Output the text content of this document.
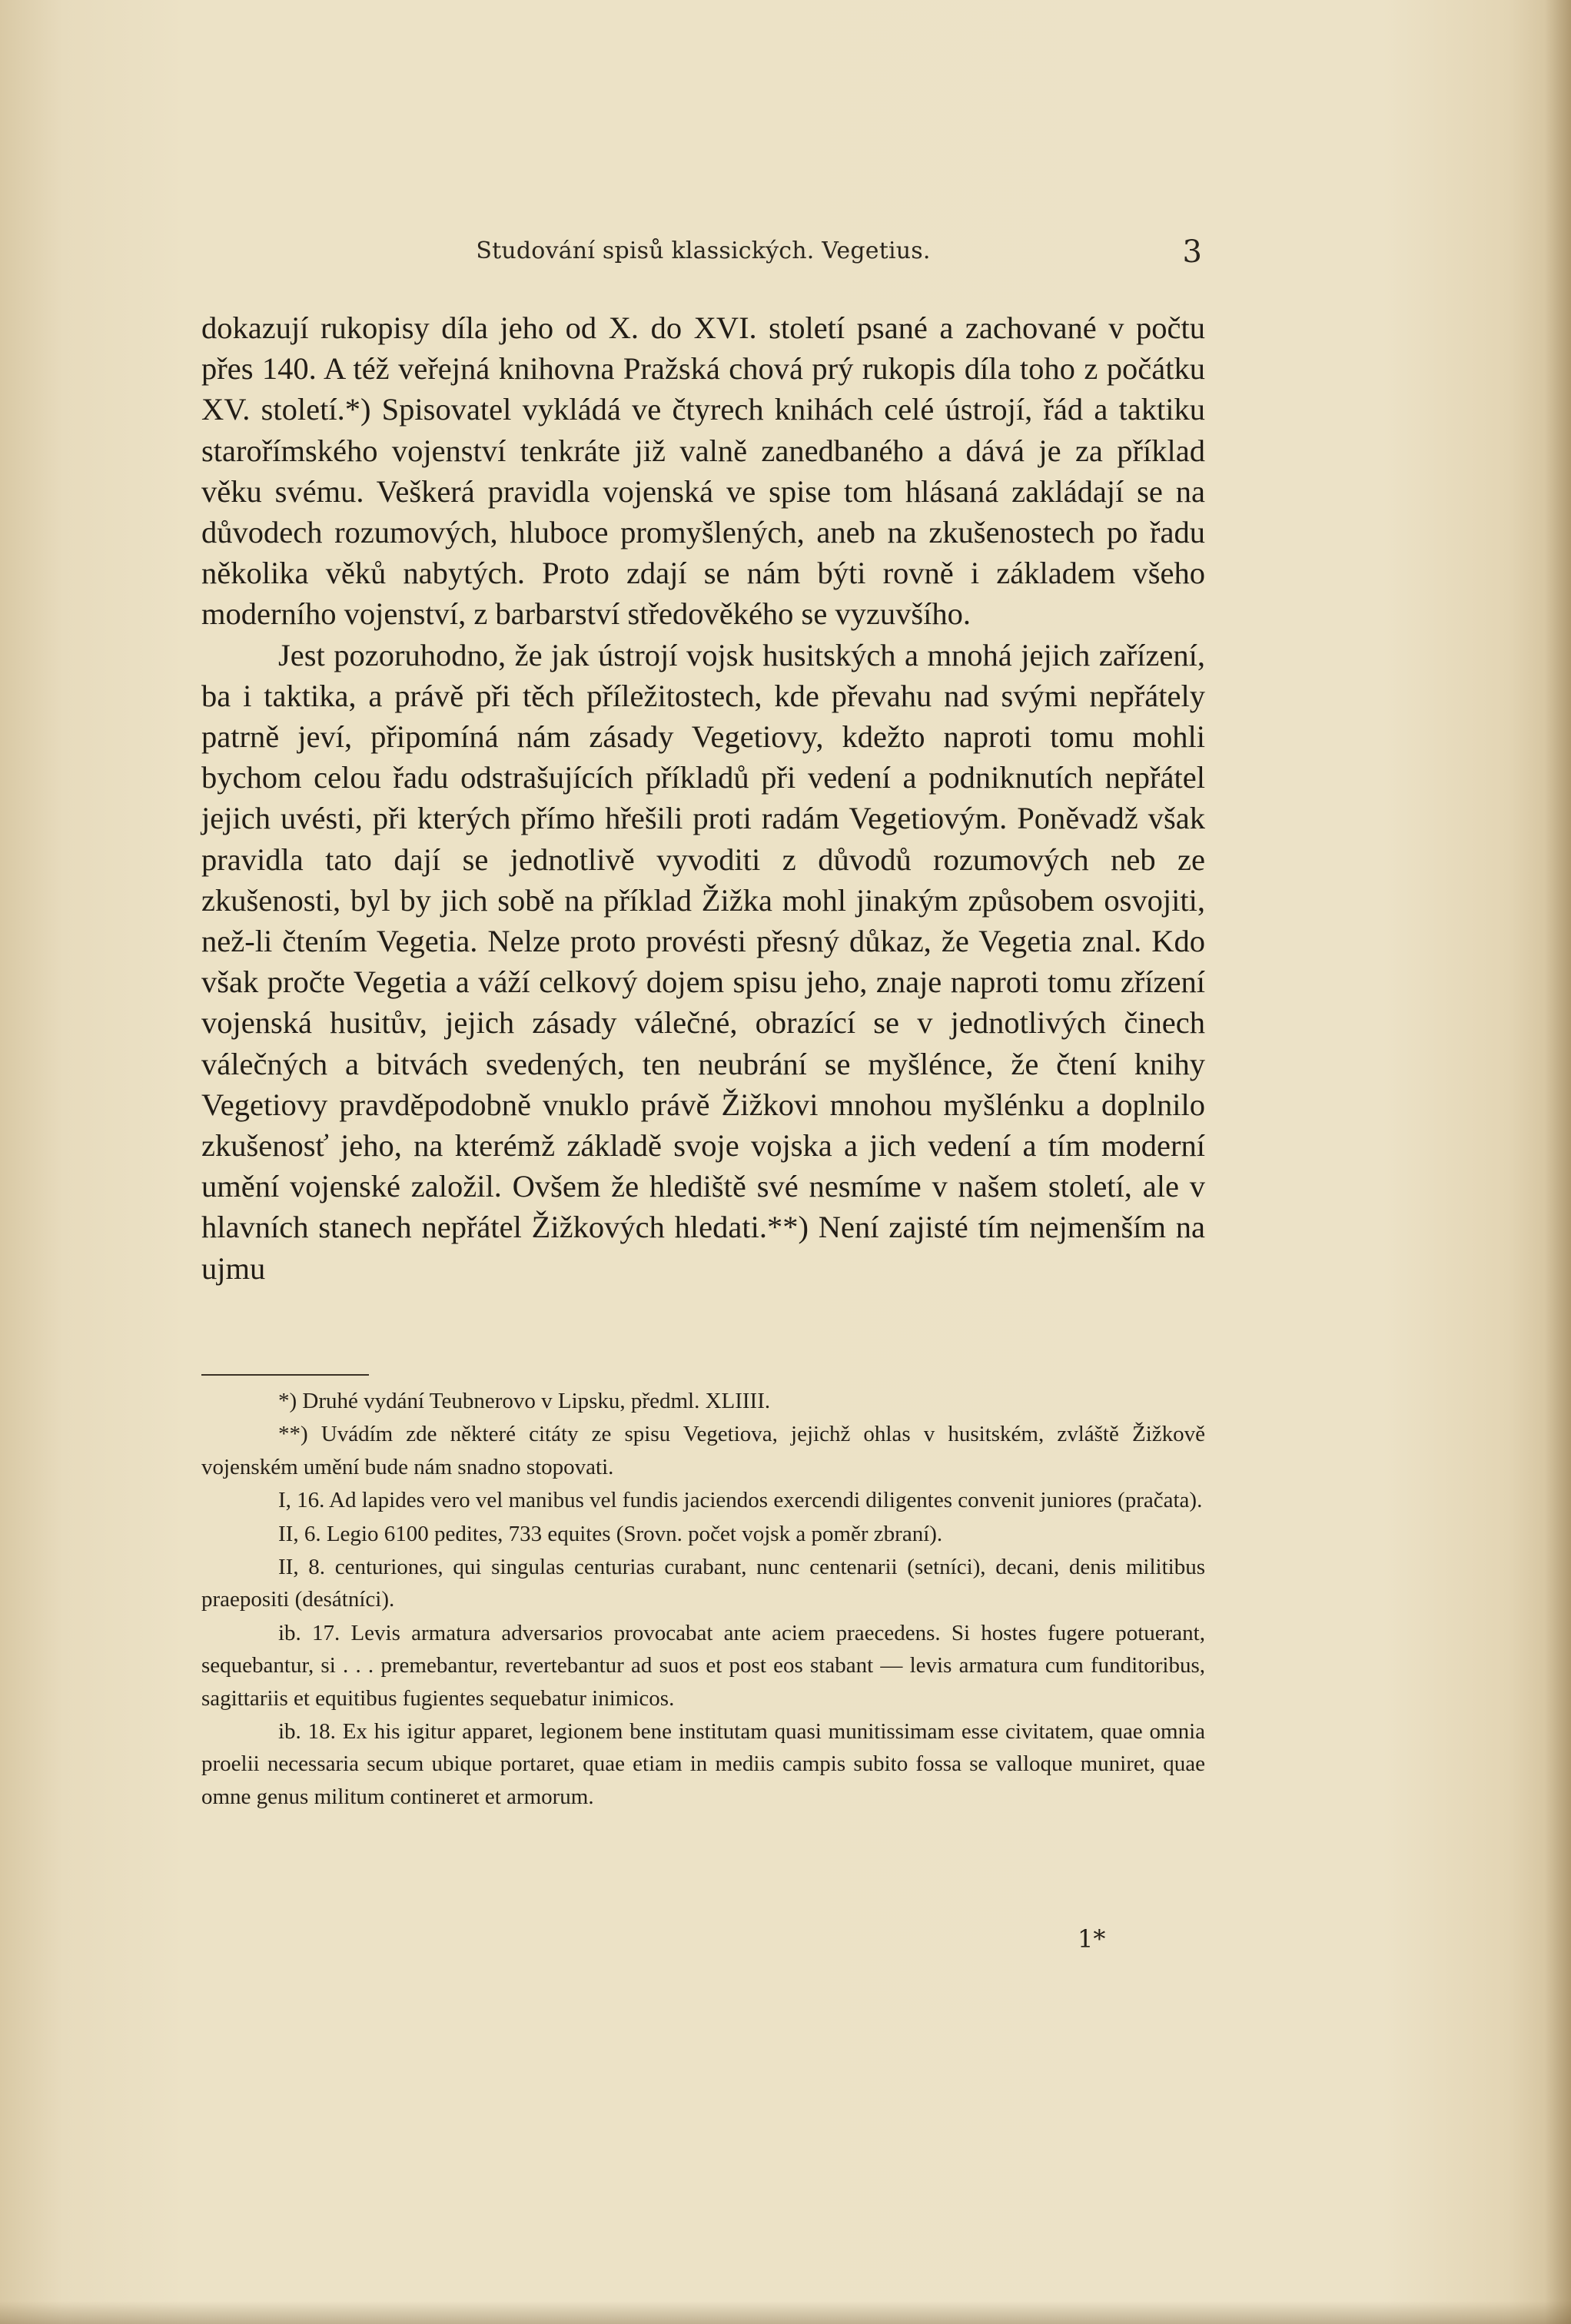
Studování spisů klassických. Vegetius.	3

dokazují rukopisy díla jeho od X. do XVI. století psané a zachované v počtu přes 140. A též veřejná knihovna Pražská chová prý rukopis díla toho z počátku XV. století.*) Spisovatel vykládá ve čtyrech knihách celé ústrojí, řád a taktiku starořímského vojenství tenkráte již valně zanedbaného a dává je za příklad věku svému. Veškerá pravidla vojenská ve spise tom hlásaná zakládají se na důvodech rozumových, hluboce promyšlených, aneb na zkušenostech po řadu několika věků nabytých. Proto zdají se nám býti rovně i základem všeho moderního vojenství, z barbarství středověkého se vyzuvšího.

Jest pozoruhodno, že jak ústrojí vojsk husitských a mnohá jejich zařízení, ba i taktika, a právě při těch příležitostech, kde převahu nad svými nepřátely patrně jeví, připomíná nám zásady Vegetiovy, kdežto naproti tomu mohli bychom celou řadu odstrašujících příkladů při vedení a podniknutích nepřátel jejich uvésti, při kterých přímo hřešili proti radám Vegetiovým. Poněvadž však pravidla tato dají se jednotlivě vyvoditi z důvodů rozumových neb ze zkušenosti, byl by jich sobě na příklad Žižka mohl jinakým způsobem osvojiti, než-li čtením Vegetia. Nelze proto provésti přesný důkaz, že Vegetia znal. Kdo však pročte Vegetia a váží celkový dojem spisu jeho, znaje naproti tomu zřízení vojenská husitův, jejich zásady válečné, obrazící se v jednotlivých činech válečných a bitvách svedených, ten neubrání se myšlénce, že čtení knihy Vegetiovy pravděpodobně vnuklo právě Žižkovi mnohou myšlénku a doplnilo zkušenosť jeho, na kterémž základě svoje vojska a jich vedení a tím moderní umění vojenské založil. Ovšem že hlediště své nesmíme v našem století, ale v hlavních stanech nepřátel Žižkových hledati.**) Není zajisté tím nejmenším na ujmu

*) Druhé vydání Teubnerovo v Lipsku, předml. XLIIII.

**) Uvádím zde některé citáty ze spisu Vegetiova, jejichž ohlas v husitském, zvláště Žižkově vojenském umění bude nám snadno stopovati.

I, 16. Ad lapides vero vel manibus vel fundis jaciendos exercendi diligentes convenit juniores (pračata).

II, 6. Legio 6100 pedites, 733 equites (Srovn. počet vojsk a poměr zbraní).

II, 8. centuriones, qui singulas centurias curabant, nunc centenarii (setníci), decani, denis militibus praepositi (desátníci).

ib. 17. Levis armatura adversarios provocabat ante aciem praecedens. Si hostes fugere potuerant, sequebantur, si . . . premebantur, revertebantur ad suos et post eos stabant — levis armatura cum funditoribus, sagittariis et equitibus fugientes sequebatur inimicos.

ib. 18. Ex his igitur apparet, legionem bene institutam quasi munitissimam esse civitatem, quae omnia proelii necessaria secum ubique portaret, quae etiam in mediis campis subito fossa se valloque muniret, quae omne genus militum contineret et armorum.

1*
